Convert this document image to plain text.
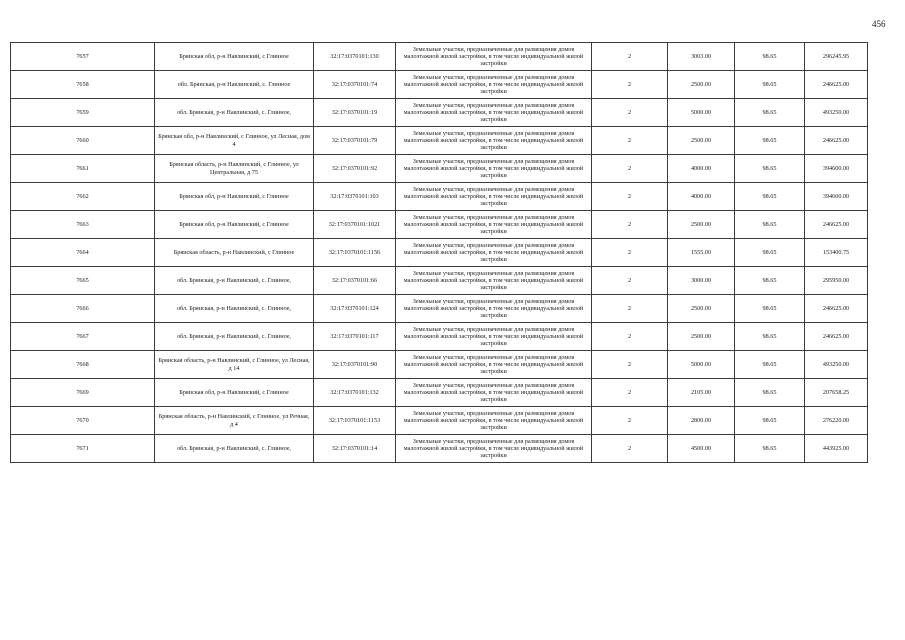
456
7657	Брянская обл, р-н Навлинский, с Глинное	32:17:0370101:130	Земельные участки, предназначенные для размещения домов малоэтажной жилой застройки, в том числе индивидуальной жилой застройки	2	3003.00	98.65	296245.95
7658	обл. Брянская, р-н Навлинский, с. Глинное	32:17:0370101:74	Земельные участки, предназначенные для размещения домов малоэтажной жилой застройки, в том числе индивидуальной жилой застройки	2	2500.00	98.65	246625.00
7659	обл. Брянская, р-н Навлинский, с. Глинное,	32:17:0370101:19	Земельные участки, предназначенные для размещения домов малоэтажной жилой застройки, в том числе индивидуальной жилой застройки	2	5000.00	98.65	493250.00
7660	Брянская обл, р-н Навлинский, с Глинное, ул Лесная, дом 4	32:17:0370101:79	Земельные участки, предназначенные для размещения домов малоэтажной жилой застройки, в том числе индивидуальной жилой застройки	2	2500.00	98.65	246625.00
7661	Брянская область, р-н Навлинский, с Глинное, ул Центральная, д 75	32:17:0370101:92	Земельные участки, предназначенные для размещения домов малоэтажной жилой застройки, в том числе индивидуальной жилой застройки	2	4000.00	98.65	394600.00
7662	Брянская обл, р-н Навлинский, с Глинное	32:17:0370101:103	Земельные участки, предназначенные для размещения домов малоэтажной жилой застройки, в том числе индивидуальной жилой застройки	2	4000.00	98.65	394600.00
7663	Брянская обл, р-н Навлинский, с Глинное	32:17:0370101:1021	Земельные участки, предназначенные для размещения домов малоэтажной жилой застройки, в том числе индивидуальной жилой застройки	2	2500.00	98.65	246625.00
7664	Брянская область, р-н Навлинский, с Глинное	32:17:0370101:1156	Земельные участки, предназначенные для размещения домов малоэтажной жилой застройки, в том числе индивидуальной жилой застройки	2	1555.00	98.65	153400.75
7665	обл. Брянская, р-н Навлинский, с. Глинное,	32:17:0370101:66	Земельные участки, предназначенные для размещения домов малоэтажной жилой застройки, в том числе индивидуальной жилой застройки	2	3000.00	98.65	295950.00
7666	обл. Брянская, р-н Навлинский, с. Глинное,	32:17:0370101:124	Земельные участки, предназначенные для размещения домов малоэтажной жилой застройки, в том числе индивидуальной жилой застройки	2	2500.00	98.65	246625.00
7667	обл. Брянская, р-н Навлинский, с. Глинное,	32:17:0370101:117	Земельные участки, предназначенные для размещения домов малоэтажной жилой застройки, в том числе индивидуальной жилой застройки	2	2500.00	98.65	246625.00
7668	Брянская область, р-н Навлинский, с Глинное, ул Лесная, д 14	32:17:0370101:90	Земельные участки, предназначенные для размещения домов малоэтажной жилой застройки, в том числе индивидуальной жилой застройки	2	5000.00	98.65	493250.00
7669	Брянская обл, р-н Навлинский, с Глинное	32:17:0370101:132	Земельные участки, предназначенные для размещения домов малоэтажной жилой застройки, в том числе индивидуальной жилой застройки	2	2105.00	98.65	207658.25
7670	Брянская область, р-н Навлинский, с Глинное, ул Речная, д 4	32:17:0370101:1153	Земельные участки, предназначенные для размещения домов малоэтажной жилой застройки, в том числе индивидуальной жилой застройки	2	2800.00	98.65	276220.00
7671	обл. Брянская, р-н Навлинский, с. Глинное,	32:17:0370101:14	Земельные участки, предназначенные для размещения домов малоэтажной жилой застройки, в том числе индивидуальной жилой застройки	2	4500.00	98.65	443925.00
